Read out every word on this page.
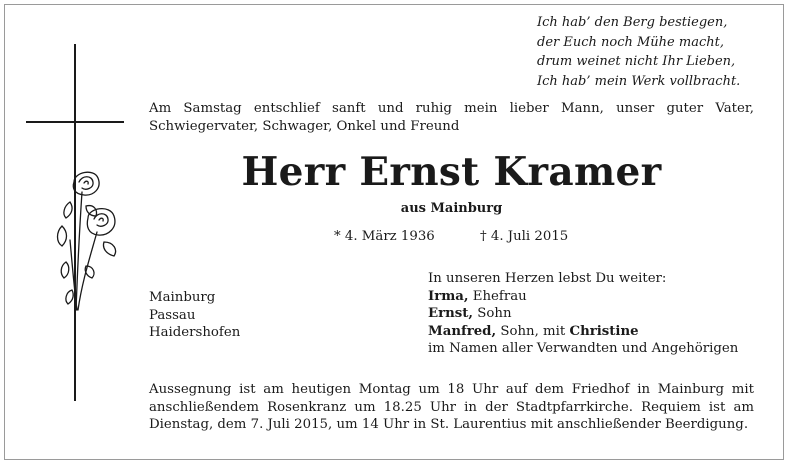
Ich hab’ den Berg bestiegen,
der Euch noch Mühe macht,
drum weinet nicht Ihr Lieben,
Ich hab’ mein Werk vollbracht.
Am Samstag entschlief sanft und ruhig mein lieber Mann, unser guter Vater, Schwiegervater, Schwager, Onkel und Freund
Herr Ernst Kramer
aus Mainburg
* 4. März 1936	† 4. Juli 2015
Mainburg
Passau
Haidershofen
In unseren Herzen lebst Du weiter:
Irma, Ehefrau
Ernst, Sohn
Manfred, Sohn, mit Christine
im Namen aller Verwandten und Angehörigen
Aussegnung ist am heutigen Montag um 18 Uhr auf dem Friedhof in Mainburg mit anschließendem Rosenkranz um 18.25 Uhr in der Stadtpfarrkirche. Requiem ist am Dienstag, dem 7. Juli 2015, um 14 Uhr in St. Laurentius mit anschließender Beerdigung.
